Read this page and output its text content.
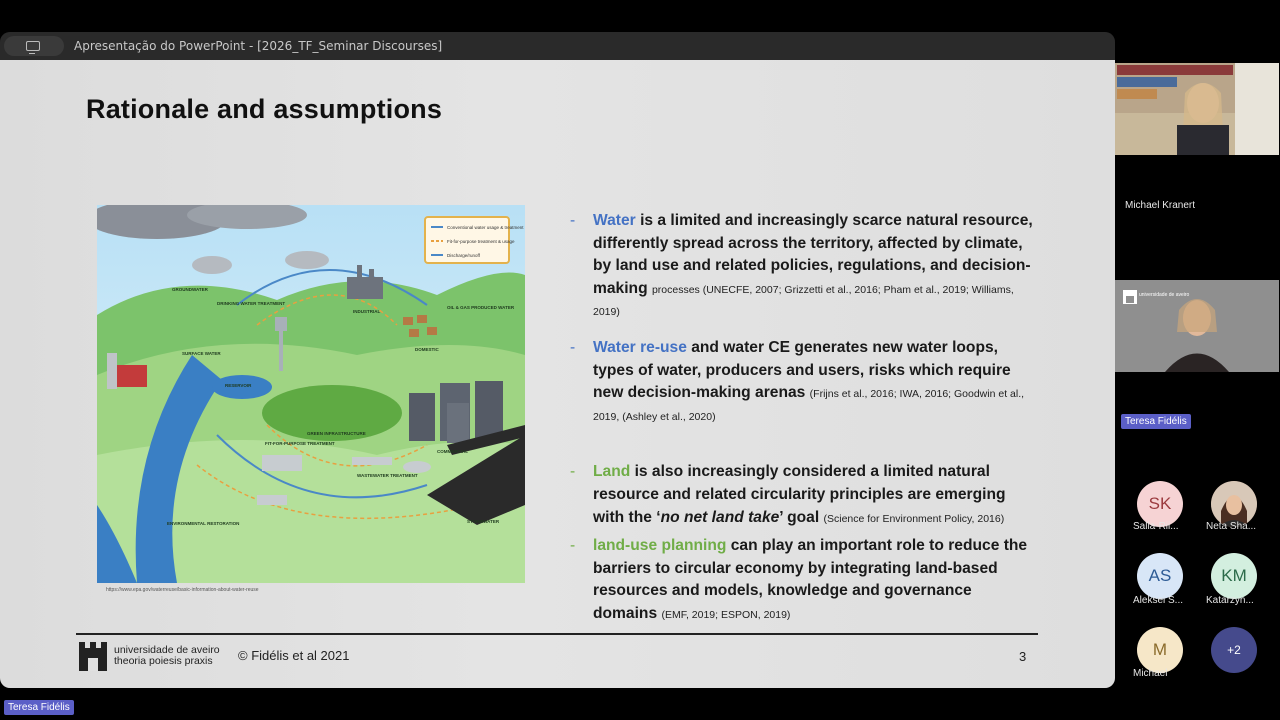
Apresentação do PowerPoint - [2026_TF_Seminar Discourses]
Rationale and assumptions
Conventional water usage & treatment
Fit-for-purpose treatment & usage
Discharge/runoff
GROUNDWATER
DRINKING WATER TREATMENT
INDUSTRIAL
OIL & GAS PRODUCED WATER
SURFACE WATER
RESERVOIR
DOMESTIC
GREEN INFRASTRUCTURE
FIT-FOR-PURPOSE TREATMENT
WASTEWATER TREATMENT
COMMERCIAL
STORMWATER
ENVIRONMENTAL RESTORATION
https://www.epa.gov/waterreuse/basic-information-about-water-reuse
- Water is a limited and increasingly scarce natural resource, differently spread across the territory, affected by climate, by land use and related policies, regulations, and decision-making processes (UNECFE, 2007; Grizzetti et al., 2016; Pham et al., 2019; Williams, 2019)
- Water re-use and water CE generates new water loops, types of water, producers and users, risks which require new decision-making arenas (Frijns et al., 2016; IWA, 2016; Goodwin et al., 2019, (Ashley et al., 2020)
- Land is also increasingly considered a limited natural resource and related circularity principles are emerging with the ‘no net land take’ goal (Science for Environment Policy, 2016)
- land-use planning can play an important role to reduce the barriers to circular economy by integrating land-based resources and models, knowledge and governance domains (EMF, 2019; ESPON, 2019)
universidade de aveiro
theoria poiesis praxis	© Fidélis et al 2021	3
Michael Kranert
universidade de aveiro
Teresa Fidélis
SK
Salla-Rii...	Neta Sha...
AS
Aleksei S...
KM
Katarzyn...
M
Michael
+2
Teresa Fidélis
